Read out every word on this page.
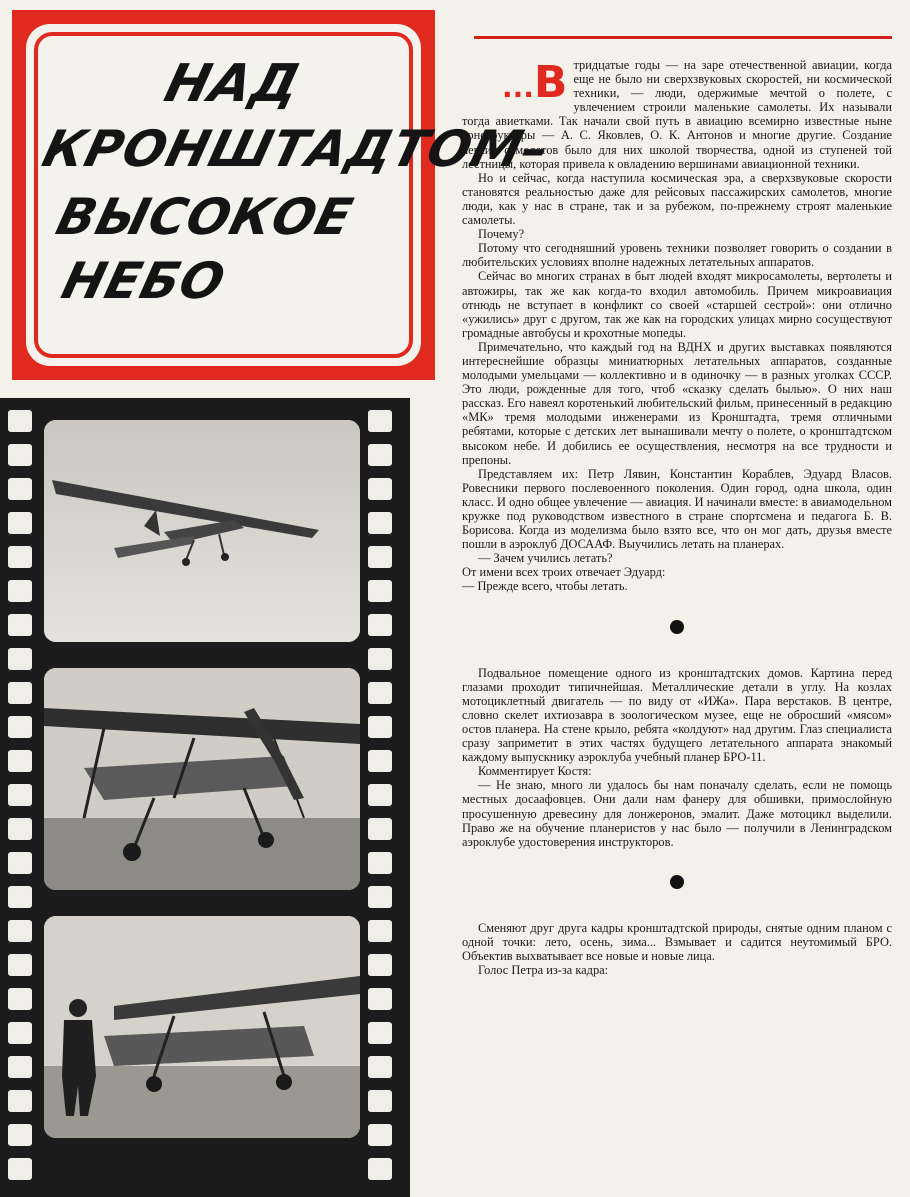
НАД
КРОНШТАДТОМ–
ВЫСОКОЕ
НЕБО
...В тридцатые годы — на заре отечественной авиации, когда еще не было ни сверхзвуковых скоростей, ни космической техники, — люди, одержимые мечтой о полете, с увлечением строили маленькие самолеты. Их называли тогда авиетками. Так начали свой путь в авиацию всемирно известные ныне конструкторы — А. С. Яковлев, О. К. Антонов и многие другие. Создание легких самолетов было для них школой творчества, одной из ступеней той лестницы, которая привела к овладению вершинами авиационной техники.

Но и сейчас, когда наступила космическая эра, а сверхзвуковые скорости становятся реальностью даже для рейсовых пассажирских самолетов, многие люди, как у нас в стране, так и за рубежом, по-прежнему строят маленькие самолеты.

Почему?

Потому что сегодняшний уровень техники позволяет говорить о создании в любительских условиях вполне надежных летательных аппаратов.

Сейчас во многих странах в быт людей входят микросамолеты, вертолеты и автожиры, так же как когда-то входил автомобиль. Причем микроавиация отнюдь не вступает в конфликт со своей «старшей сестрой»: они отлично «ужились» друг с другом, так же как на городских улицах мирно сосуществуют громадные автобусы и крохотные мопеды.

Примечательно, что каждый год на ВДНХ и других выставках появляются интереснейшие образцы миниатюрных летательных аппаратов, созданные молодыми умельцами — коллективно и в одиночку — в разных уголках СССР. Это люди, рожденные для того, чтоб «сказку сделать былью». О них наш рассказ. Его навеял коротенький любительский фильм, принесенный в редакцию «МК» тремя молодыми инженерами из Кронштадта, тремя отличными ребятами, которые с детских лет вынашивали мечту о полете, о кронштадтском высоком небе. И добились ее осуществления, несмотря на все трудности и препоны.

Представляем их: Петр Лявин, Константин Кораблев, Эдуард Власов. Ровесники первого послевоенного поколения. Один город, одна школа, один класс. И одно общее увлечение — авиация. И начинали вместе: в авиамодельном кружке под руководством известного в стране спортсмена и педагога Б. В. Борисова. Когда из моделизма было взято все, что он мог дать, друзья вместе пошли в аэроклуб ДОСААФ. Выучились летать на планерах.

— Зачем учились летать?

От имени всех троих отвечает Эдуард:

— Прежде всего, чтобы летать.

Подвальное помещение одного из кронштадтских домов. Картина перед глазами проходит типичнейшая. Металлические детали в углу. На козлах мотоциклетный двигатель — по виду от «ИЖа». Пара верстаков. В центре, словно скелет ихтиозавра в зоологическом музее, еще не обросший «мясом» остов планера. На стене крыло, ребята «колдуют» над другим. Глаз специалиста сразу заприметит в этих частях будущего летательного аппарата знакомый каждому выпускнику аэроклуба учебный планер БРО-11.

Комментирует Костя:

— Не знаю, много ли удалось бы нам поначалу сделать, если не помощь местных досаафовцев. Они дали нам фанеру для обшивки, примослойную просушенную древесину для лонжеронов, эмалит. Даже мотоцикл выделили. Право же на обучение планеристов у нас было — получили в Ленинградском аэроклубе удостоверения инструкторов.

Сменяют друг друга кадры кронштадтской природы, снятые одним планом с одной точки: лето, осень, зима... Взмывает и садится неутомимый БРО. Объектив выхватывает все новые и новые лица.

Голос Петра из-за кадра:
